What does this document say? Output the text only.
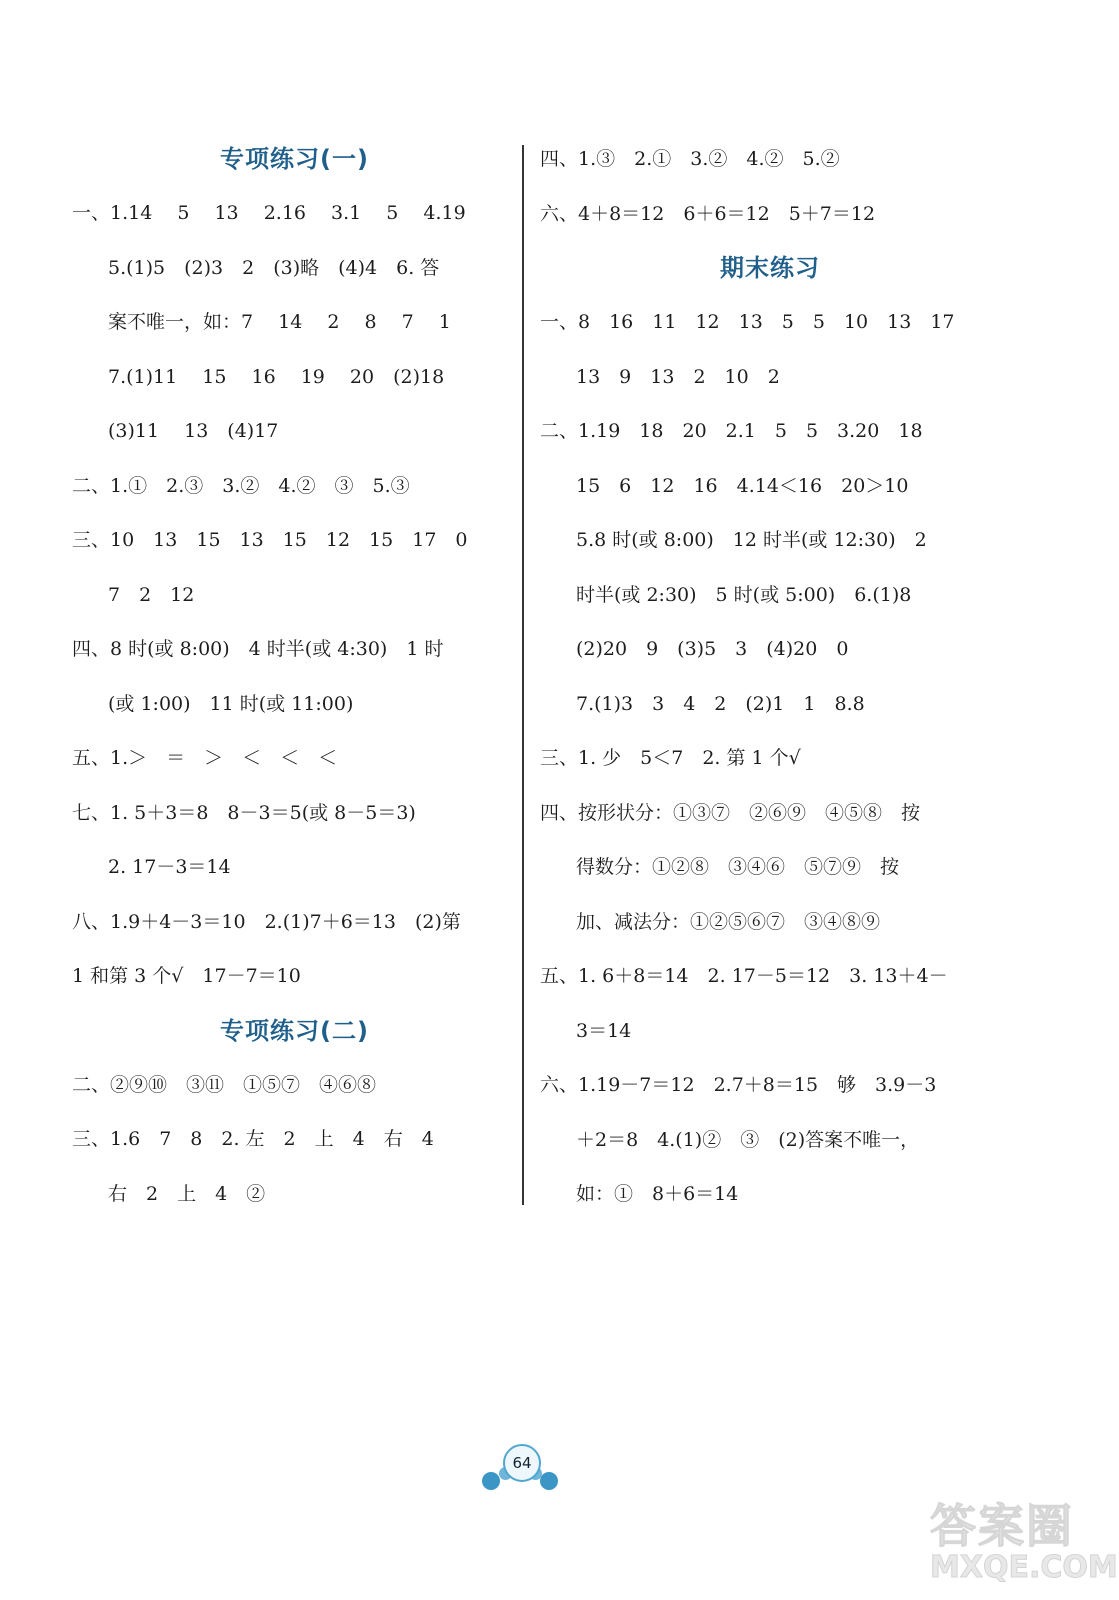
专项练习(一)
一、1.14　 5　 13　 2.16　 3.1　 5　 4.19
5.(1)5　(2)3　2　(3)略　(4)4　6. 答
案不唯一，如：7　 14　 2　 8　 7　 1
7.(1)11　 15　 16　 19　 20　(2)18
(3)11　 13　(4)17
二、1.①　2.③　3.②　4.②　③　5.③
三、10　13　15　13　15　12　15　17　0
7　2　12
四、8 时(或 8:00)　4 时半(或 4:30)　1 时
(或 1:00)　11 时(或 11:00)
五、1.＞　＝　＞　＜　＜　＜
七、1. 5＋3＝8　8－3＝5(或 8－5＝3)
2. 17－3＝14
八、1.9＋4－3＝10　2.(1)7＋6＝13　(2)第
1 和第 3 个√　17－7＝10
专项练习(二)
二、②⑨⑩　③⑪　①⑤⑦　④⑥⑧
三、1.6　7　8　2. 左　2　上　4　右　4
右　2　上　4　②
四、1.③　2.①　3.②　4.②　5.②
六、4＋8＝12　6＋6＝12　5＋7＝12
期末练习
一、8　16　11　12　13　5　5　10　13　17
13　9　13　2　10　2
二、1.19　18　20　2.1　5　5　3.20　18
15　6　12　16　4.14＜16　20＞10
5.8 时(或 8:00)　12 时半(或 12:30)　2
时半(或 2:30)　5 时(或 5:00)　6.(1)8
(2)20　9　(3)5　3　(4)20　0
7.(1)3　3　4　2　(2)1　1　8.8
三、1. 少　5＜7　2. 第 1 个√
四、按形状分：①③⑦　②⑥⑨　④⑤⑧　按
得数分：①②⑧　③④⑥　⑤⑦⑨　按
加、减法分：①②⑤⑥⑦　③④⑧⑨
五、1. 6＋8＝14　2. 17－5＝12　3. 13＋4－
3＝14
六、1.19－7＝12　2.7＋8＝15　够　3.9－3
＋2＝8　4.(1)②　③　(2)答案不唯一，
如：①　8＋6＝14
64
答案圈
MXQE.COM
